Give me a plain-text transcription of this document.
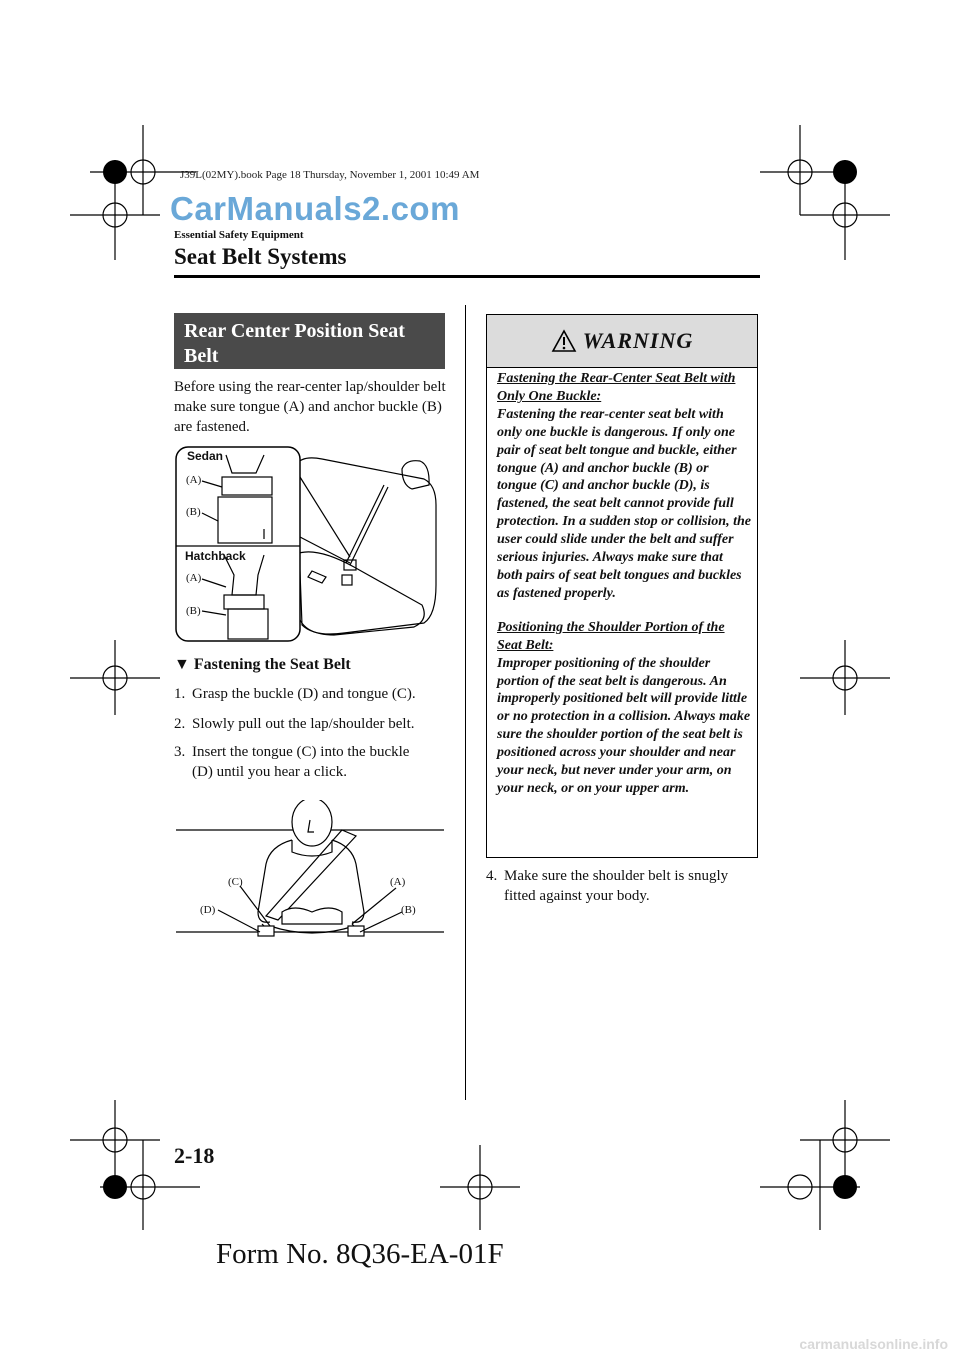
CarManuals2.com
carmanualsonline.info
J39L(02MY).book Page 18 Thursday, November 1, 2001 10:49 AM
Essential Safety Equipment
Seat Belt Systems
Rear Center Position Seat Belt
Before using the rear-center lap/shoulder belt make sure tongue (A) and anchor buckle (B) are fastened.
Sedan
(A)
(B)
Hatchback
(A)
(B)
▼ Fastening the Seat Belt
1. Grasp the buckle (D) and tongue (C).
2. Slowly pull out the lap/shoulder belt.
3. Insert the tongue (C) into the buckle
(D) until you hear a click.
(C)
(D)
(A)
(B)
WARNING
Fastening the Rear-Center Seat Belt with Only One Buckle:
Fastening the rear-center seat belt with only one buckle is dangerous. If only one pair of seat belt tongue and buckle, either tongue (A) and anchor buckle (B) or tongue (C) and anchor buckle (D), is fastened, the seat belt cannot provide full protection. In a sudden stop or collision, the user could slide under the belt and suffer serious injuries. Always make sure that both pairs of seat belt tongues and buckles as fastened properly.
Positioning the Shoulder Portion of the Seat Belt:
Improper positioning of the shoulder portion of the seat belt is dangerous. An improperly positioned belt will provide little or no protection in a collision. Always make sure the shoulder portion of the seat belt is positioned across your shoulder and near your neck, but never under your arm, on your neck, or on your upper arm.
4. Make sure the shoulder belt is snugly
fitted against your body.
2-18
Form No. 8Q36-EA-01F
